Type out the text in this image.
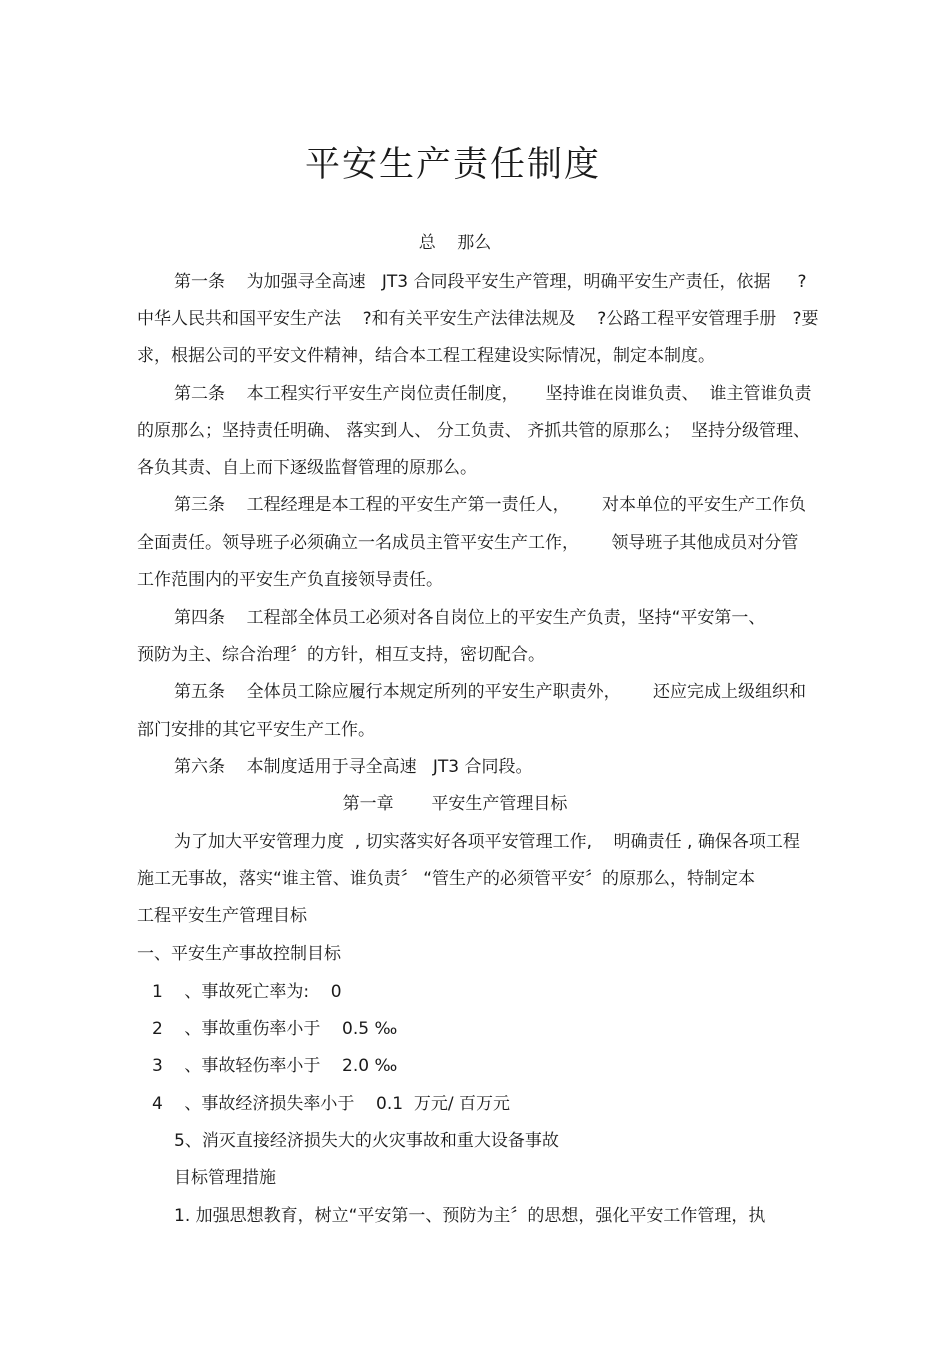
平安生产责任制度
总    那么
第一条    为加强寻全高速   JT3 合同段平安生产管理，明确平安生产责任，依据     ?
中华人民共和国平安生产法    ?和有关平安生产法律法规及    ?公路工程平安管理手册   ?要
求，根据公司的平安文件精神，结合本工程工程建设实际情况，制定本制度。
第二条    本工程实行平安生产岗位责任制度，     坚持谁在岗谁负责、  谁主管谁负责
的原那么；坚持责任明确、 落实到人、 分工负责、 齐抓共管的原那么；  坚持分级管理、
各负其责、自上而下逐级监督管理的原那么。
第三条    工程经理是本工程的平安生产第一责任人，      对本单位的平安生产工作负
全面责任。领导班子必须确立一名成员主管平安生产工作，      领导班子其他成员对分管
工作范围内的平安生产负直接领导责任。
第四条    工程部全体员工必须对各自岗位上的平安生产负责，坚持“平安第一、
预防为主、综合治理〞的方针，相互支持，密切配合。
第五条    全体员工除应履行本规定所列的平安生产职责外，      还应完成上级组织和
部门安排的其它平安生产工作。
第六条    本制度适用于寻全高速   JT3 合同段。
第一章       平安生产管理目标
为了加大平安管理力度  , 切实落实好各项平安管理工作,    明确责任 , 确保各项工程
施工无事故，落实“谁主管、谁负责〞 “管生产的必须管平安〞的原那么，特制定本
工程平安生产管理目标
一、平安生产事故控制目标
1    、事故死亡率为:    0
2    、事故重伤率小于    0.5 ‰
3    、事故轻伤率小于    2.0 ‰
4    、事故经济损失率小于    0.1  万元/ 百万元
5、消灭直接经济损失大的火灾事故和重大设备事故
目标管理措施
1. 加强思想教育，树立“平安第一、预防为主〞的思想，强化平安工作管理，执
